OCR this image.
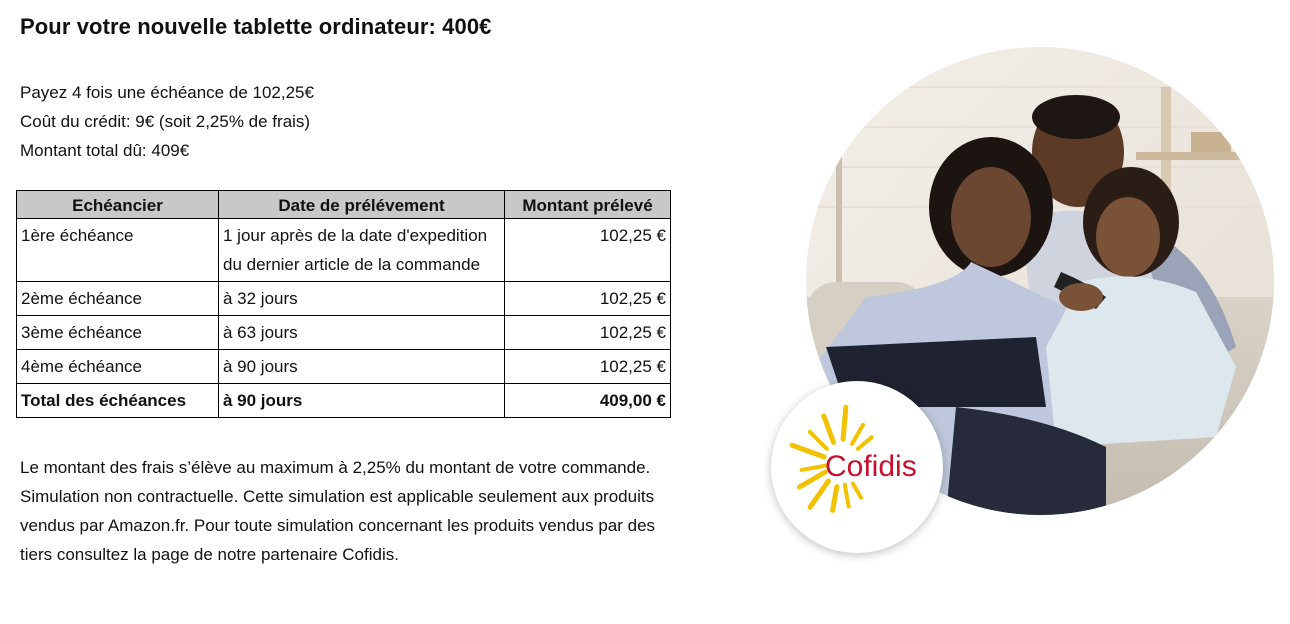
Pour votre nouvelle tablette ordinateur: 400€
Payez 4 fois une échéance de 102,25€
Coût du crédit: 9€ (soit 2,25% de frais)
Montant total dû: 409€
Echéancier	Date de prélévement	Montant prélevé
1ère échéance	1 jour après de la date d'expedition du dernier article de la commande	102,25 €
2ème échéance	à 32 jours	102,25 €
3ème échéance	à 63 jours	102,25 €
4ème échéance	à 90 jours	102,25 €
Total des échéances	à 90 jours	409,00 €
Le montant des frais s’élève au maximum à 2,25% du montant de votre commande. Simulation non contractuelle. Cette simulation est applicable seulement aux produits vendus par Amazon.fr. Pour toute simulation concernant les produits vendus par des tiers consultez la page de notre partenaire Cofidis.
Cofidis
